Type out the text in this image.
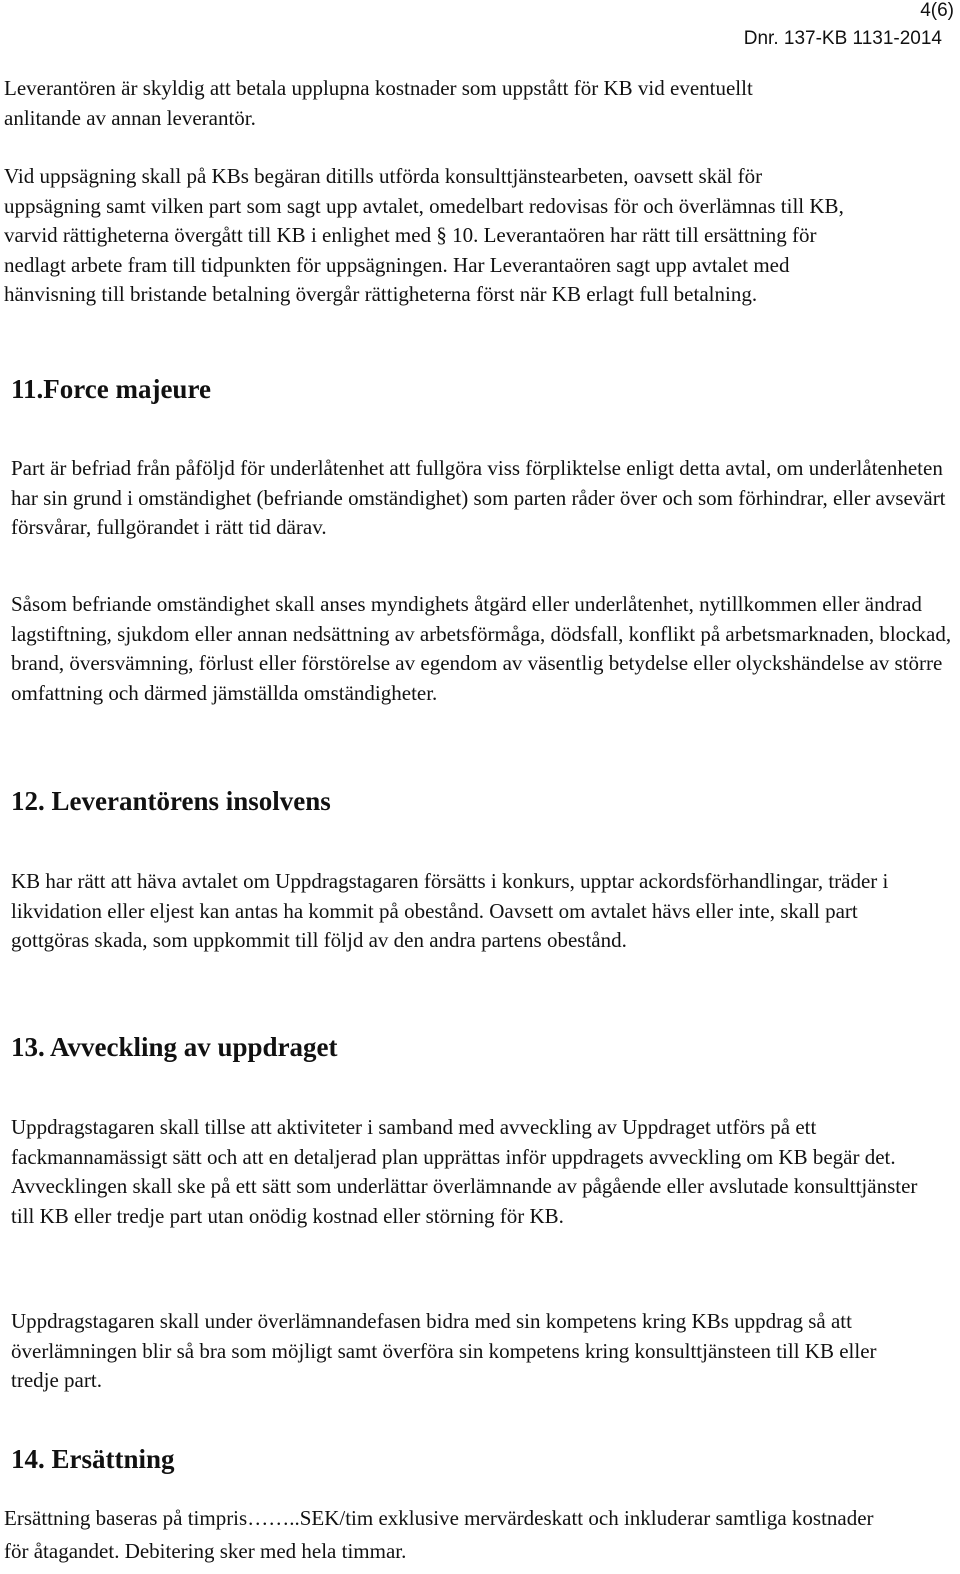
4(6)
Dnr. 137-KB 1131-2014

Leverantören är skyldig att betala upplupna kostnader som uppstått för KB vid eventuellt anlitande av annan leverantör.

Vid uppsägning skall på KBs begäran ditills utförda konsulttjänstearbeten, oavsett skäl för uppsägning samt vilken part som sagt upp avtalet, omedelbart redovisas för och överlämnas till KB, varvid rättigheterna övergått till KB i enlighet med § 10. Leverantaören har rätt till ersättning för nedlagt arbete fram till tidpunkten för uppsägningen. Har Leverantaören sagt upp avtalet med hänvisning till bristande betalning övergår rättigheterna först när KB erlagt full betalning.

11.Force majeure

Part är befriad från påföljd för underlåtenhet att fullgöra viss förpliktelse enligt detta avtal, om underlåtenheten har sin grund i omständighet (befriande omständighet) som parten råder över och som förhindrar, eller avsevärt försvårar, fullgörandet i rätt tid därav.

Såsom befriande omständighet skall anses myndighets åtgärd eller underlåtenhet, nytillkommen eller ändrad lagstiftning, sjukdom eller annan nedsättning av arbetsförmåga, dödsfall, konflikt på arbetsmarknaden, blockad, brand, översvämning, förlust eller förstörelse av egendom av väsentlig betydelse eller olyckshändelse av större omfattning och därmed jämställda omständigheter.

12. Leverantörens insolvens

KB har rätt att häva avtalet om Uppdragstagaren försätts i konkurs, upptar ackordsförhandlingar, träder i likvidation eller eljest kan antas ha kommit på obestånd. Oavsett om avtalet hävs eller inte, skall part gottgöras skada, som uppkommit till följd av den andra partens obestånd.

13. Avveckling av uppdraget

Uppdragstagaren skall tillse att aktiviteter i samband med avveckling av Uppdraget utförs på ett fackmannamässigt sätt och att en detaljerad plan upprättas inför uppdragets avveckling om KB begär det. Avvecklingen skall ske på ett sätt som underlättar överlämnande av pågående eller avslutade konsulttjänster till KB eller tredje part utan onödig kostnad eller störning för KB.

Uppdragstagaren skall under överlämnandefasen bidra med sin kompetens kring KBs uppdrag så att överlämningen blir så bra som möjligt samt överföra sin kompetens kring konsulttjänsteen till KB eller tredje part.

14. Ersättning

Ersättning baseras på timpris……..SEK/tim exklusive mervärdeskatt och inkluderar samtliga kostnader för åtagandet. Debitering sker med hela timmar.
